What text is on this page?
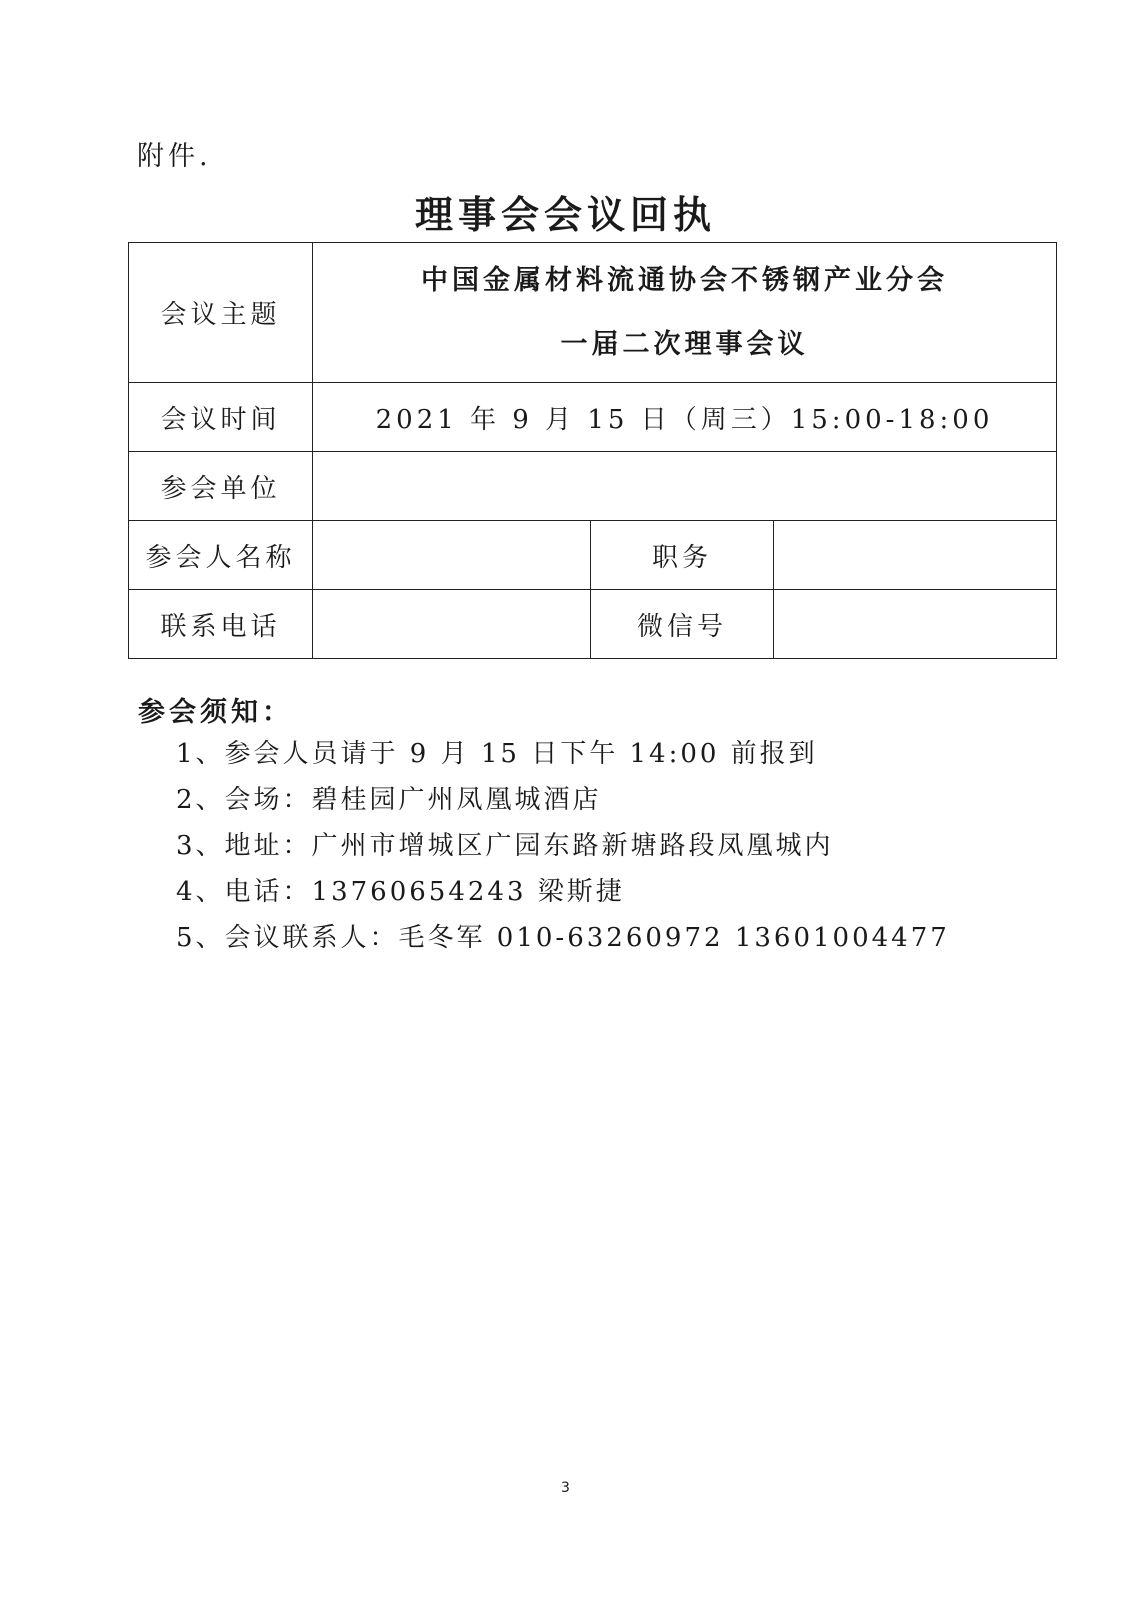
附件.
理事会会议回执
会议主题	中国金属材料流通协会不锈钢产业分会
一届二次理事会议		

会议时间	2021 年 9 月 15 日（周三）15:00-18:00		
参会单位			
参会人名称		职务	
联系电话		微信号	
参会须知：
1、参会人员请于 9 月 15 日下午 14:00 前报到
2、会场：碧桂园广州凤凰城酒店
3、地址：广州市增城区广园东路新塘路段凤凰城内
4、电话：13760654243 梁斯捷
5、会议联系人：毛冬军 010-63260972 13601004477
3
